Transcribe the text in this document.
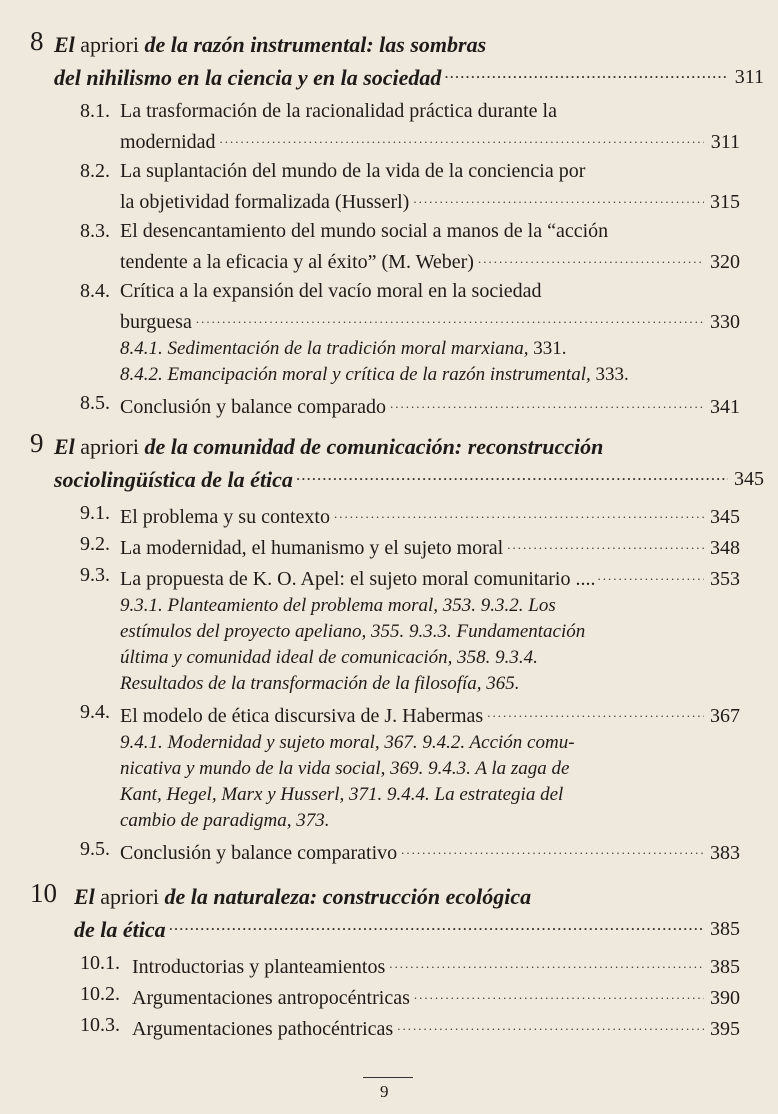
8 El apriori de la razón instrumental: las sombras
del nihilismo en la ciencia y en la sociedad .....	311
8.1. La trasformación de la racionalidad práctica durante la
modernidad .....	311
8.2. La suplantación del mundo de la vida de la conciencia por
la objetividad formalizada (Husserl) .....	315
8.3. El desencantamiento del mundo social a manos de la “acción
tendente a la eficacia y al éxito” (M. Weber) .....	320
8.4. Crítica a la expansión del vacío moral en la sociedad
burguesa .....	330
8.4.1. Sedimentación de la tradición moral marxiana, 331.
8.4.2. Emancipación moral y crítica de la razón instrumental, 333.
8.5. Conclusión y balance comparado .....	341
9 El apriori de la comunidad de comunicación: reconstrucción
sociolingüística de la ética .....	345
9.1. El problema y su contexto .....	345
9.2. La modernidad, el humanismo y el sujeto moral .....	348
9.3. La propuesta de K. O. Apel: el sujeto moral comunitario .... .....	353
9.3.1. Planteamiento del problema moral, 353. 9.3.2. Los
estímulos del proyecto apeliano, 355. 9.3.3. Fundamentación
última y comunidad ideal de comunicación, 358. 9.3.4.
Resultados de la transformación de la filosofía, 365.
9.4. El modelo de ética discursiva de J. Habermas .....	367
9.4.1. Modernidad y sujeto moral, 367. 9.4.2. Acción comu-
nicativa y mundo de la vida social, 369. 9.4.3. A la zaga de
Kant, Hegel, Marx y Husserl, 371. 9.4.4. La estrategia del
cambio de paradigma, 373.
9.5. Conclusión y balance comparativo .....	383
10 El apriori de la naturaleza: construcción ecológica
de la ética .....	385
10.1. Introductorias y planteamientos .....	385
10.2. Argumentaciones antropocéntricas .....	390
10.3. Argumentaciones pathocéntricas .....	395
9
